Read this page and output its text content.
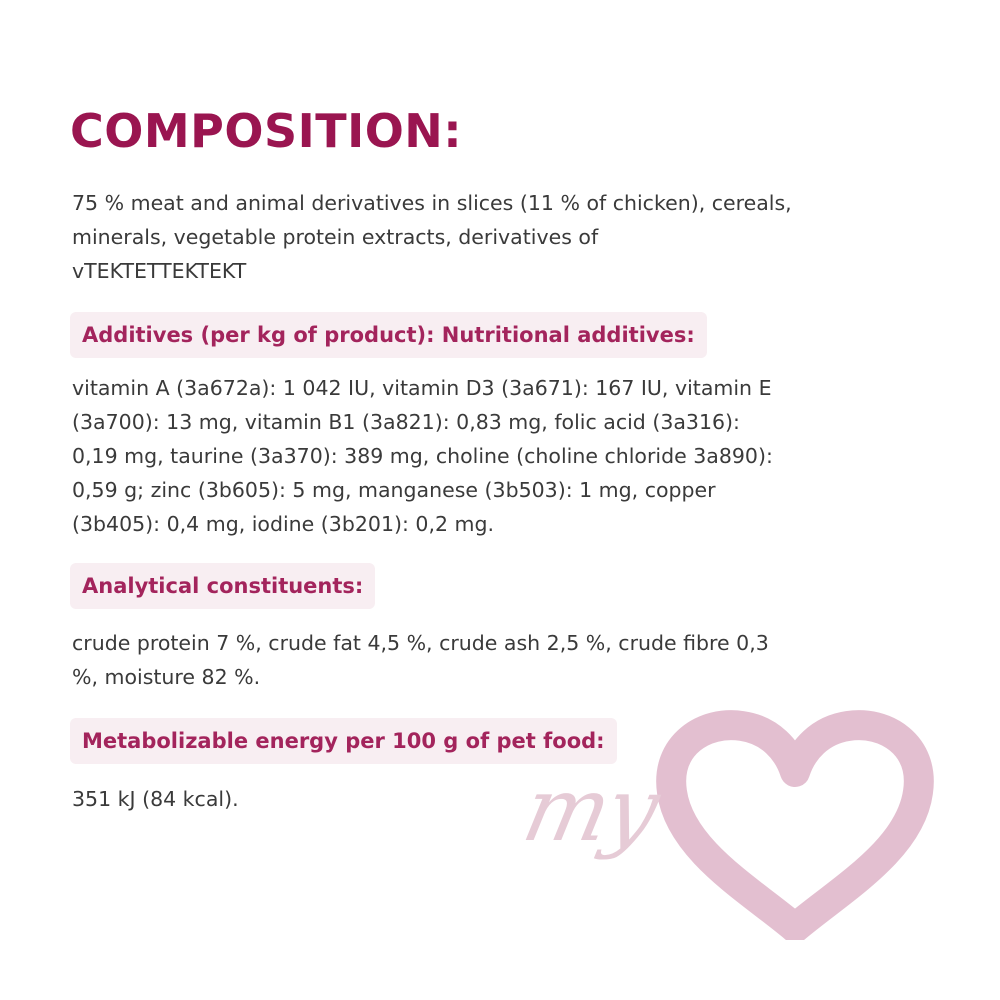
COMPOSITION:
75 % meat and animal derivatives in slices (11 % of chicken), cereals,
minerals, vegetable protein extracts, derivatives of
vTEKTETTEKTEKT
Additives (per kg of product): Nutritional additives:
vitamin A (3a672a): 1 042 IU, vitamin D3 (3a671): 167 IU, vitamin E
(3a700): 13 mg, vitamin B1 (3a821): 0,83 mg, folic acid (3a316):
0,19 mg, taurine (3a370): 389 mg, choline (choline chloride 3a890):
0,59 g; zinc (3b605): 5 mg, manganese (3b503): 1 mg, copper
(3b405): 0,4 mg, iodine (3b201): 0,2 mg.
Analytical constituents:
crude protein 7 %, crude fat 4,5 %, crude ash 2,5 %, crude fibre 0,3
%, moisture 82 %.
Metabolizable energy per 100 g of pet food:
351 kJ (84 kcal).	my
